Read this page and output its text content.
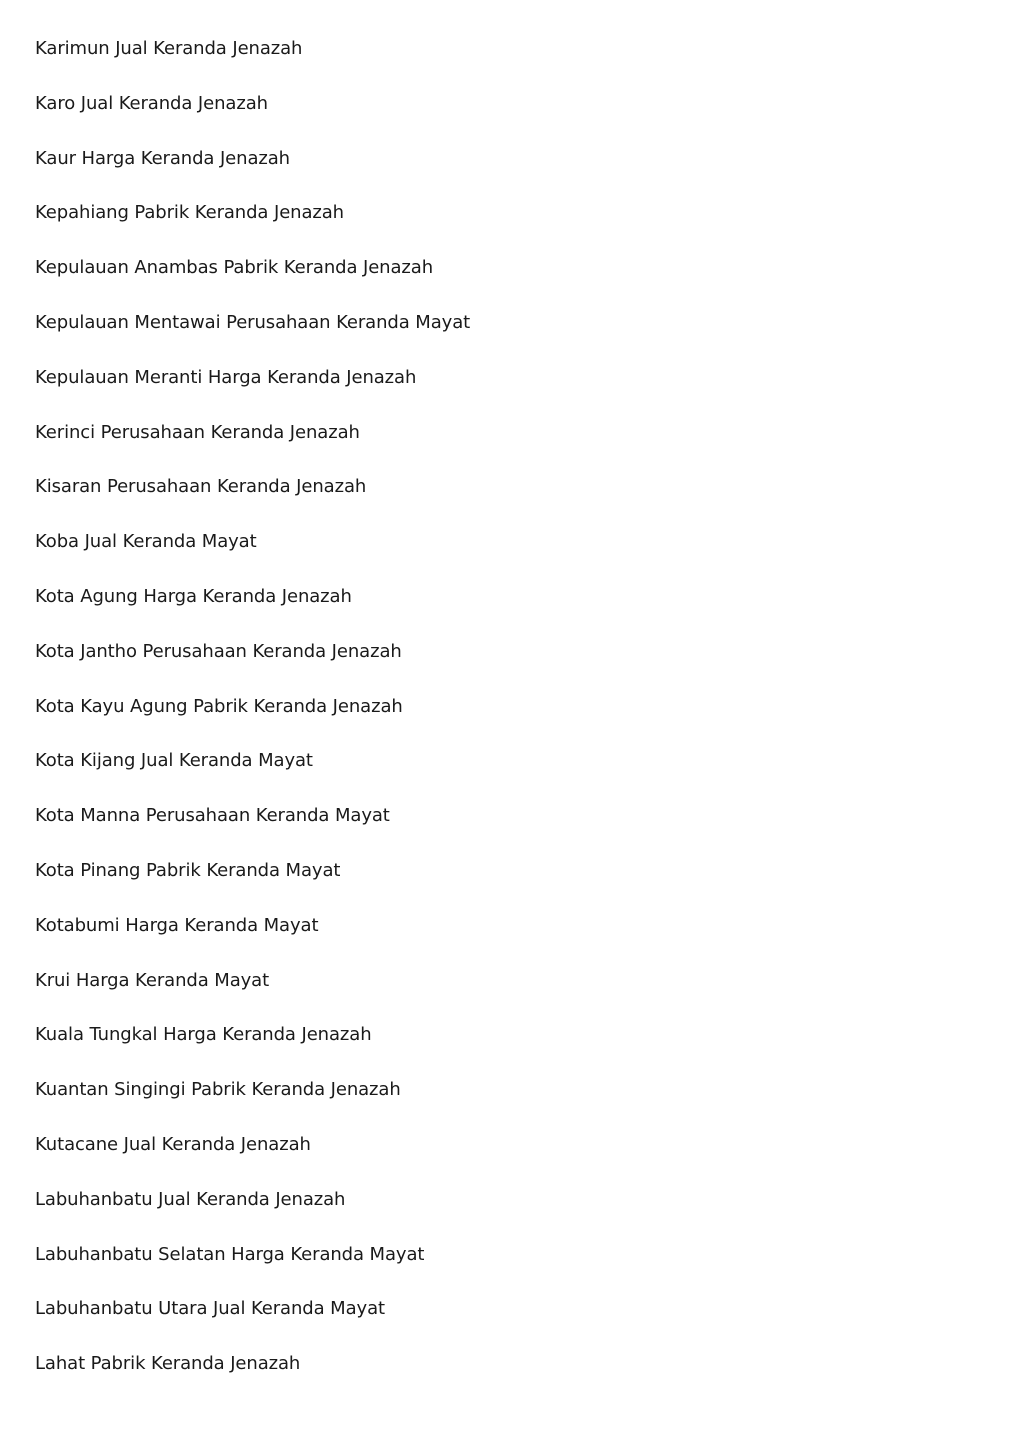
Karimun Jual Keranda Jenazah
Karo Jual Keranda Jenazah
Kaur Harga Keranda Jenazah
Kepahiang Pabrik Keranda Jenazah
Kepulauan Anambas Pabrik Keranda Jenazah
Kepulauan Mentawai Perusahaan Keranda Mayat
Kepulauan Meranti Harga Keranda Jenazah
Kerinci Perusahaan Keranda Jenazah
Kisaran Perusahaan Keranda Jenazah
Koba Jual Keranda Mayat
Kota Agung Harga Keranda Jenazah
Kota Jantho Perusahaan Keranda Jenazah
Kota Kayu Agung Pabrik Keranda Jenazah
Kota Kijang Jual Keranda Mayat
Kota Manna Perusahaan Keranda Mayat
Kota Pinang Pabrik Keranda Mayat
Kotabumi Harga Keranda Mayat
Krui Harga Keranda Mayat
Kuala Tungkal Harga Keranda Jenazah
Kuantan Singingi Pabrik Keranda Jenazah
Kutacane Jual Keranda Jenazah
Labuhanbatu Jual Keranda Jenazah
Labuhanbatu Selatan Harga Keranda Mayat
Labuhanbatu Utara Jual Keranda Mayat
Lahat Pabrik Keranda Jenazah
